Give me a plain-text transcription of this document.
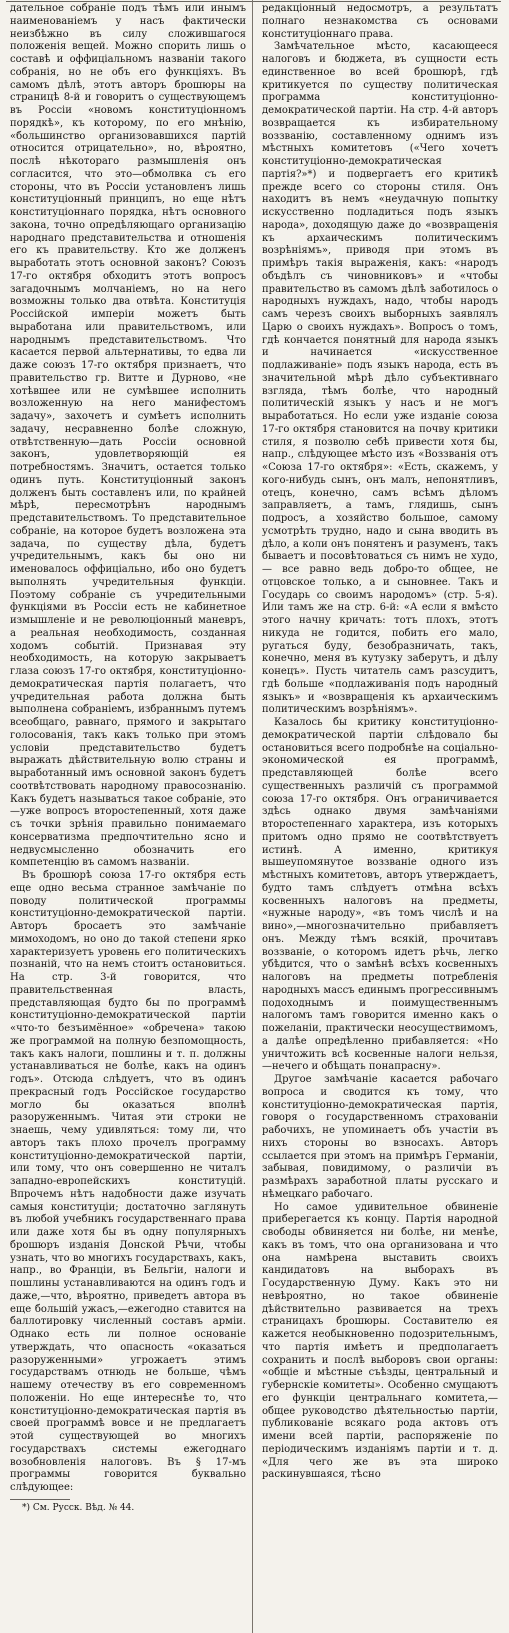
дательное собраніе подъ тѣмъ или инымъ наименованіемъ у насъ фактически неизбѣжно въ силу сложившагося положенія вещей. Можно спорить лишь о составѣ и оффиціальномъ названіи такого собранія, но не объ его функціяхъ. Въ самомъ дѣлѣ, этотъ авторъ брошюры на страницѣ 8-й и говоритъ о существующемъ въ Россіи «новомъ конституціонномъ порядкѣ», къ которому, по его мнѣнію, «большинство организовавшихся партій относится отрицательно», но, вѣроятно, послѣ нѣкотораго размышленія онъ согласится, что это—обмолвка съ его стороны, что въ Россіи установленъ лишь конституціонный принципъ, но еще нѣтъ конституціоннаго порядка, нѣтъ основного закона, точно опредѣляющаго организацію народнаго представительства и отношенія его къ правительству. Кто же долженъ выработать этотъ основной законъ? Союзъ 17-го октября обходитъ этотъ вопросъ загадочнымъ молчаніемъ, но на него возможны только два отвѣта. Конституція Россійской имперіи можетъ быть выработана или правительствомъ, или народнымъ представительствомъ. Что касается первой альтернативы, то едва ли даже союзъ 17-го октября признаетъ, что правительство гр. Витте и Дурново, «не хотѣвшее или не сумѣвшее исполнить возложенную на него манифестомъ задачу», захочетъ и сумѣетъ исполнить задачу, несравненно болѣе сложную, отвѣтственную—дать Россіи основной законъ, удовлетворяющій ея потребностямъ. Значитъ, остается только одинъ путь. Конституціонный законъ долженъ быть составленъ или, по крайней мѣрѣ, пересмотрѣнъ народнымъ представительствомъ. То представительное собраніе, на которое будетъ возложена эта задача, по существу дѣла, будетъ учредительнымъ, какъ бы оно ни именовалось оффиціально, ибо оно будетъ выполнять учредительныя функціи. Поэтому собраніе съ учредительными функціями въ Россіи есть не кабинетное измышленіе и не революціонный маневръ, а реальная необходимость, созданная ходомъ событій. Признавая эту необходимость, на которую закрываетъ глаза союзъ 17-го октября, конституціонно-демократическая партія полагаетъ, что учредительная работа должна быть выполнена собраніемъ, избраннымъ путемъ всеобщаго, равнаго, прямого и закрытаго голосованія, такъ какъ только при этомъ условіи представительство будетъ выражать дѣйствительную волю страны и выработанный имъ основной законъ будетъ соотвѣтствовать народному правосознанію. Какъ будетъ называться такое собраніе, это—уже вопросъ второстепенный, хотя даже съ точки зрѣнія правильно понимаемаго консерватизма предпочтительно ясно и недвусмысленно обозначить его компетенцію въ самомъ названіи.

Въ брошюрѣ союза 17-го октября есть еще одно весьма странное замѣчаніе по поводу политической программы конституціонно-демократической партіи. Авторъ бросаетъ это замѣчаніе мимоходомъ, но оно до такой степени ярко характеризуетъ уровень его политическихъ познаній, что на немъ стоитъ остановиться. На стр. 3-й говорится, что правительственная власть, представляющая будто бы по программѣ конституціонно-демократической партіи «что-то безъимённое» «обречена» такою же программой на полную безпомощность, такъ какъ налоги, пошлины и т. п. должны устанавливаться не болѣе, какъ на одинъ годъ». Отсюда слѣдуетъ, что въ одинъ прекрасный годъ Россійское государство могло бы оказаться вполнѣ разоруженнымъ. Читая эти строки не знаешь, чему удивляться: тому ли, что авторъ такъ плохо прочелъ программу конституціонно-демократической партіи, или тому, что онъ совершенно не читалъ западно-европейскихъ конституцій. Впрочемъ нѣтъ надобности даже изучать самыя конституціи; достаточно заглянуть въ любой учебникъ государственнаго права или даже хотя бы въ одну популярныхъ брошюръ изданія Донской Рѣчи, чтобы узнать, что во многихъ государствахъ, какъ, напр., во Франціи, въ Бельгіи, налоги и пошлины устанавливаются на одинъ годъ и даже,—что, вѣроятно, приведетъ автора въ еще большій ужасъ,—ежегодно ставится на баллотировку численный составъ арміи. Однако есть ли полное основаніе утверждать, что опасность «оказаться разоруженными» угрожаетъ этимъ государствамъ отнюдь не больше, чѣмъ нашему отечеству въ его современномъ положеніи. Но еще интереснѣе то, что конституціонно-демократическая партія въ своей программѣ вовсе и не предлагаетъ этой существующей во многихъ государствахъ системы ежегоднаго возобновленія налоговъ. Въ § 17-мъ программы говорится буквально слѣдующее:

*) См. Русск. Вѣд. № 44.

редакціонный недосмотръ, а результатъ полнаго незнакомства съ основами конституціоннаго права.

Замѣчательное мѣсто, касающееся налоговъ и бюджета, въ сущности есть единственное во всей брошюрѣ, гдѣ критикуется по существу политическая программа конституціонно-демократической партіи. На стр. 4-й авторъ возвращается къ избирательному воззванію, составленному однимъ изъ мѣстныхъ комитетовъ («Чего хочетъ конституціонно-демократическая партія?»*) и подвергаетъ его критикѣ прежде всего со стороны стиля. Онъ находитъ въ немъ «неудачную попытку искусственно подладиться подъ языкъ народа», доходящую даже до «возвращенія къ архаическимъ политическимъ возрѣніямъ», приводя при этомъ въ примѣръ такія выраженія, какъ: «народъ объдѣлъ съ чиновниковъ» и «чтобы правительство въ самомъ дѣлѣ заботилось о народныхъ нуждахъ, надо, чтобы народъ самъ черезъ своихъ выборныхъ заявлялъ Царю о своихъ нуждахъ». Вопросъ о томъ, гдѣ кончается понятный для народа языкъ и начинается «искусственное подлаживаніе» подъ языкъ народа, есть въ значительной мѣрѣ дѣло субъективнаго взгляда, тѣмъ болѣе, что народный политическій языкъ у насъ и не могъ выработаться. Но если уже изданіе союза 17-го октября становится на почву критики стиля, я позволю себѣ привести хотя бы, напр., слѣдующее мѣсто изъ «Воззванія отъ «Союза 17-го октября»: «Есть, скажемъ, у кого-нибудь сынъ, онъ малъ, непонятливъ, отецъ, конечно, самъ всѣмъ дѣломъ заправляетъ, а тамъ, глядишь, сынъ подросъ, а хозяйство большое, самому усмотрѣть трудно, надо и сына вводить въ дѣло, а коли онъ понятенъ и разуменъ, такъ бываетъ и посовѣтоваться съ нимъ не худо, — все равно ведь добро-то общее, не отцовское только, а и сыновнее. Такъ и Государь со своимъ народомъ» (стр. 5-я). Или тамъ же на стр. 6-й: «А если я вмѣсто этого начну кричать: тотъ плохъ, этотъ никуда не годится, побить его мало, ругаться буду, безобразничать, такъ, конечно, меня въ кутузку заберутъ, и дѣлу конецъ». Пусть читатель самъ разсудитъ, гдѣ больше «подлаживанія подъ народный языкъ» и «возвращенія къ архаическимъ политическимъ возрѣніямъ».

Казалось бы критику конституціонно-демократической партіи слѣдовало бы остановиться всего подробнѣе на соціально-экономической ея программѣ, представляющей болѣе всего существенныхъ различій съ программой союза 17-го октября. Онъ ограничивается здѣсь однако двумя замѣчаніями второстепеннаго характера, изъ которыхъ притомъ одно прямо не соотвѣтствуетъ истинѣ. А именно, критикуя вышеупомянутое воззваніе одного изъ мѣстныхъ комитетовъ, авторъ утверждаетъ, будто тамъ слѣдуетъ отмѣна всѣхъ косвенныхъ налоговъ на предметы, «нужные народу», «въ томъ числѣ и на вино»,—многозначительно прибавляетъ онъ. Между тѣмъ всякій, прочитавъ воззваніе, о которомъ идетъ рѣчь, легко убѣдится, что о замѣнѣ всѣхъ косвенныхъ налоговъ на предметы потребленія народныхъ массъ единымъ прогрессивнымъ подоходнымъ и поимущественнымъ налогомъ тамъ говорится именно какъ о пожеланіи, практически неосуществимомъ, а далѣе опредѣленно прибавляется: «Но уничтожить всѣ косвенные налоги нельзя,—нечего и обѣщать понапрасну».

Другое замѣчаніе касается рабочаго вопроса и сводится къ тому, что конституціонно-демократическая партія, говоря о государственномъ страхованіи рабочихъ, не упоминаетъ объ участіи въ нихъ стороны во взносахъ. Авторъ ссылается при этомъ на примѣръ Германіи, забывая, повидимому, о различіи въ размѣрахъ заработной платы русскаго и нѣмецкаго рабочаго.

Но самое удивительное обвиненіе приберегается къ концу. Партія народной свободы обвиняется ни болѣе, ни менѣе, какъ въ томъ, что она организована и что она намѣрена выставить своихъ кандидатовъ на выборахъ въ Государственную Думу. Какъ это ни невѣроятно, но такое обвиненіе дѣйствительно развивается на трехъ страницахъ брошюры. Составителю ея кажется необыкновенно подозрительнымъ, что партія имѣетъ и предполагаетъ сохранить и послѣ выборовъ свои органы: «общіе и мѣстные съѣзды, центральный и губернскіе комитеты». Особенно смущаютъ его функціи центральнаго комитета,—общее руководство дѣятельностью партіи, публикованіе всякаго рода актовъ отъ имени всей партіи, распоряженіе по періодическимъ изданіямъ партіи и т. д. «Для чего же въ эта широко раскинувшаяся, тѣсно
